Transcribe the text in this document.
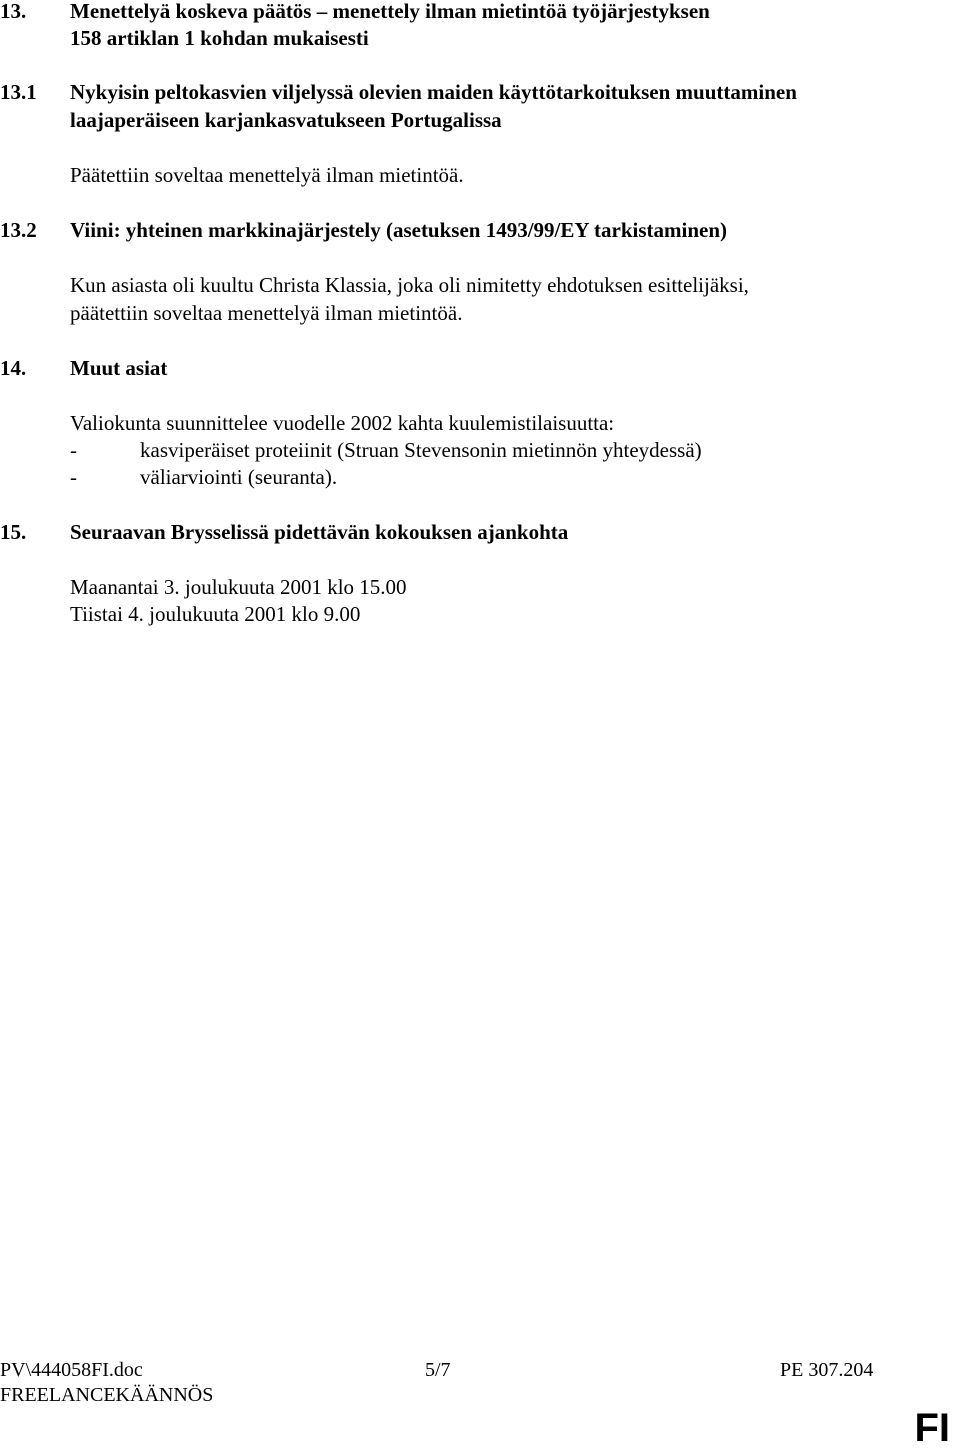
13. Menettelyä koskeva päätös – menettely ilman mietintöä työjärjestyksen
158 artiklan 1 kohdan mukaisesti
13.1 Nykyisin peltokasvien viljelyssä olevien maiden käyttötarkoituksen muuttaminen
laajaperäiseen karjankasvatukseen Portugalissa
Päätettiin soveltaa menettelyä ilman mietintöä.
13.2 Viini: yhteinen markkinajärjestely (asetuksen 1493/99/EY tarkistaminen)
Kun asiasta oli kuultu Christa Klassia, joka oli nimitetty ehdotuksen esittelijäksi,
päätettiin soveltaa menettelyä ilman mietintöä.
14. Muut asiat
Valiokunta suunnittelee vuodelle 2002 kahta kuulemistilaisuutta:
-	kasviperäiset proteiinit (Struan Stevensonin mietinnön yhteydessä)
-	väliarviointi (seuranta).
15. Seuraavan Brysselissä pidettävän kokouksen ajankohta
Maanantai 3. joulukuuta 2001 klo 15.00
Tiistai 4. joulukuuta 2001 klo 9.00
PV\444058FI.doc	5/7	PE 307.204
FREELANCEKÄÄNNÖS
FI
